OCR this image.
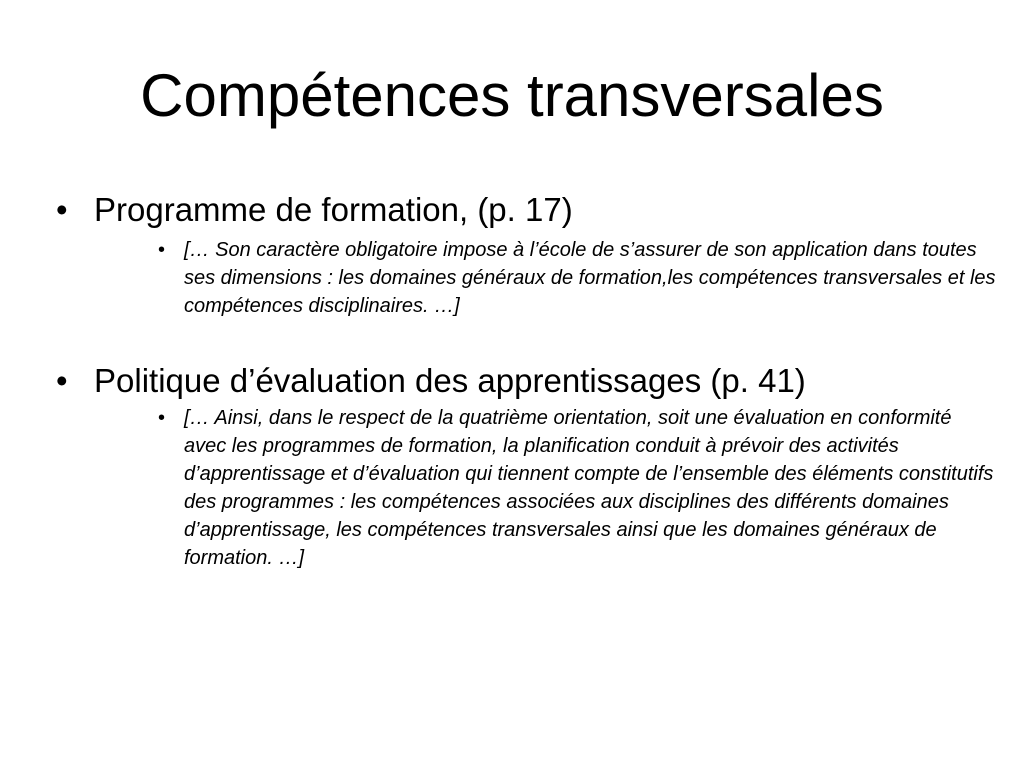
Compétences transversales
• Programme de formation, (p. 17)
• [… Son caractère obligatoire impose à l’école de s’assurer de son application dans toutes ses dimensions : les domaines généraux de formation,les compétences transversales et les compétences disciplinaires. …]
• Politique d’évaluation des apprentissages (p. 41)
• [… Ainsi, dans le respect de la quatrième orientation, soit une évaluation en conformité avec les programmes de formation, la planification conduit à prévoir des activités d’apprentissage et d’évaluation qui tiennent compte de l’ensemble des éléments constitutifs des programmes : les compétences associées aux disciplines des différents domaines d’apprentissage, les compétences transversales ainsi que les domaines généraux de formation. …]
